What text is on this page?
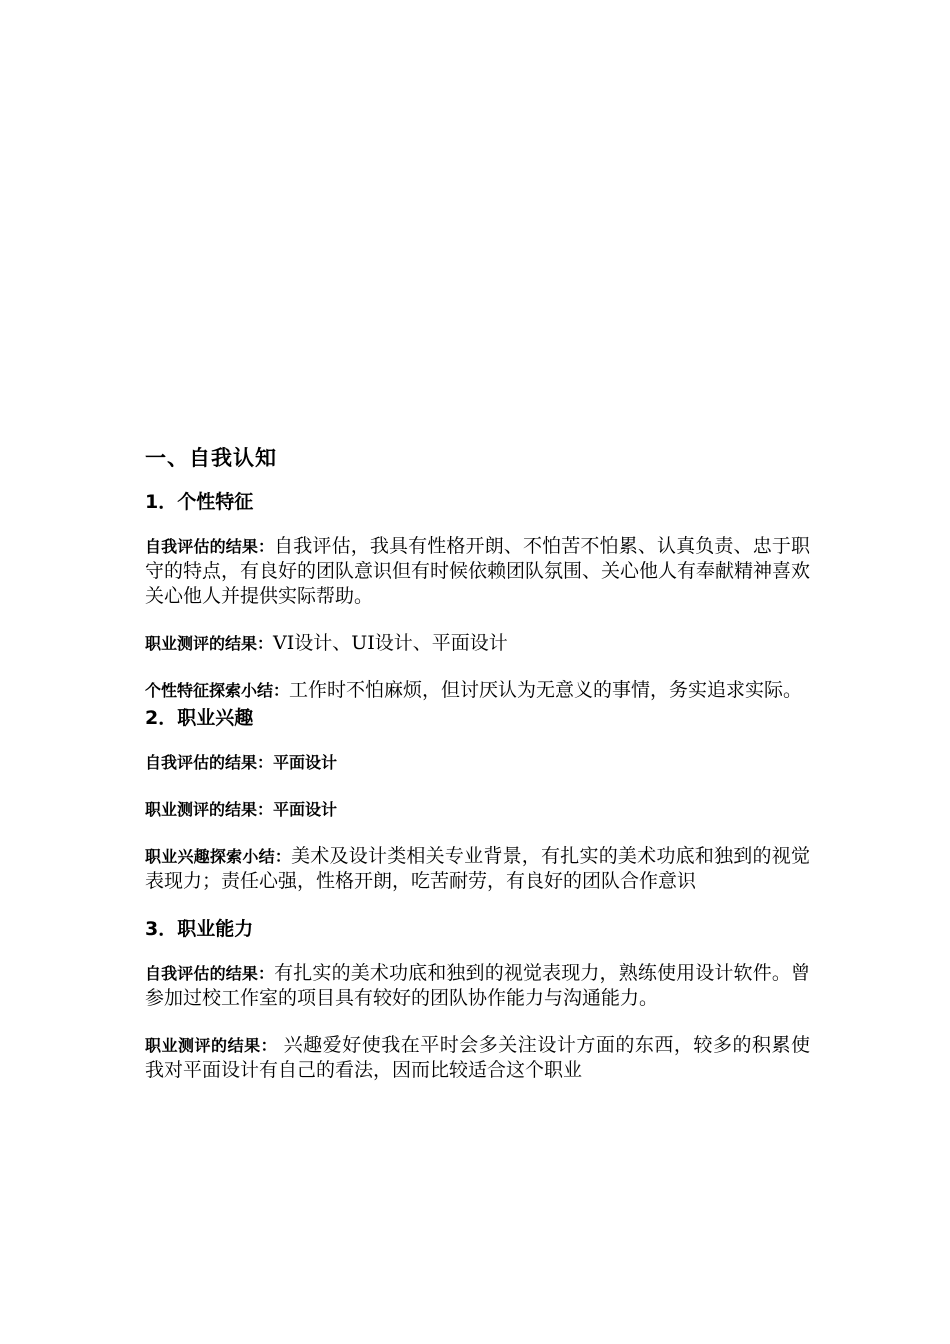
一、自我认知
1．个性特征

自我评估的结果：自我评估，我具有性格开朗、不怕苦不怕累、认真负责、忠于职守的特点，有良好的团队意识但有时候依赖团队氛围、关心他人有奉献精神喜欢关心他人并提供实际帮助。

职业测评的结果：VI设计、UI设计、平面设计

个性特征探索小结：工作时不怕麻烦，但讨厌认为无意义的事情，务实追求实际。

2．职业兴趣

自我评估的结果：平面设计

职业测评的结果：平面设计

职业兴趣探索小结：美术及设计类相关专业背景，有扎实的美术功底和独到的视觉表现力；责任心强，性格开朗，吃苦耐劳，有良好的团队合作意识

3．职业能力

自我评估的结果：有扎实的美术功底和独到的视觉表现力，熟练使用设计软件。曾参加过校工作室的项目具有较好的团队协作能力与沟通能力。

职业测评的结果： 兴趣爱好使我在平时会多关注设计方面的东西，较多的积累使我对平面设计有自己的看法，因而比较适合这个职业
